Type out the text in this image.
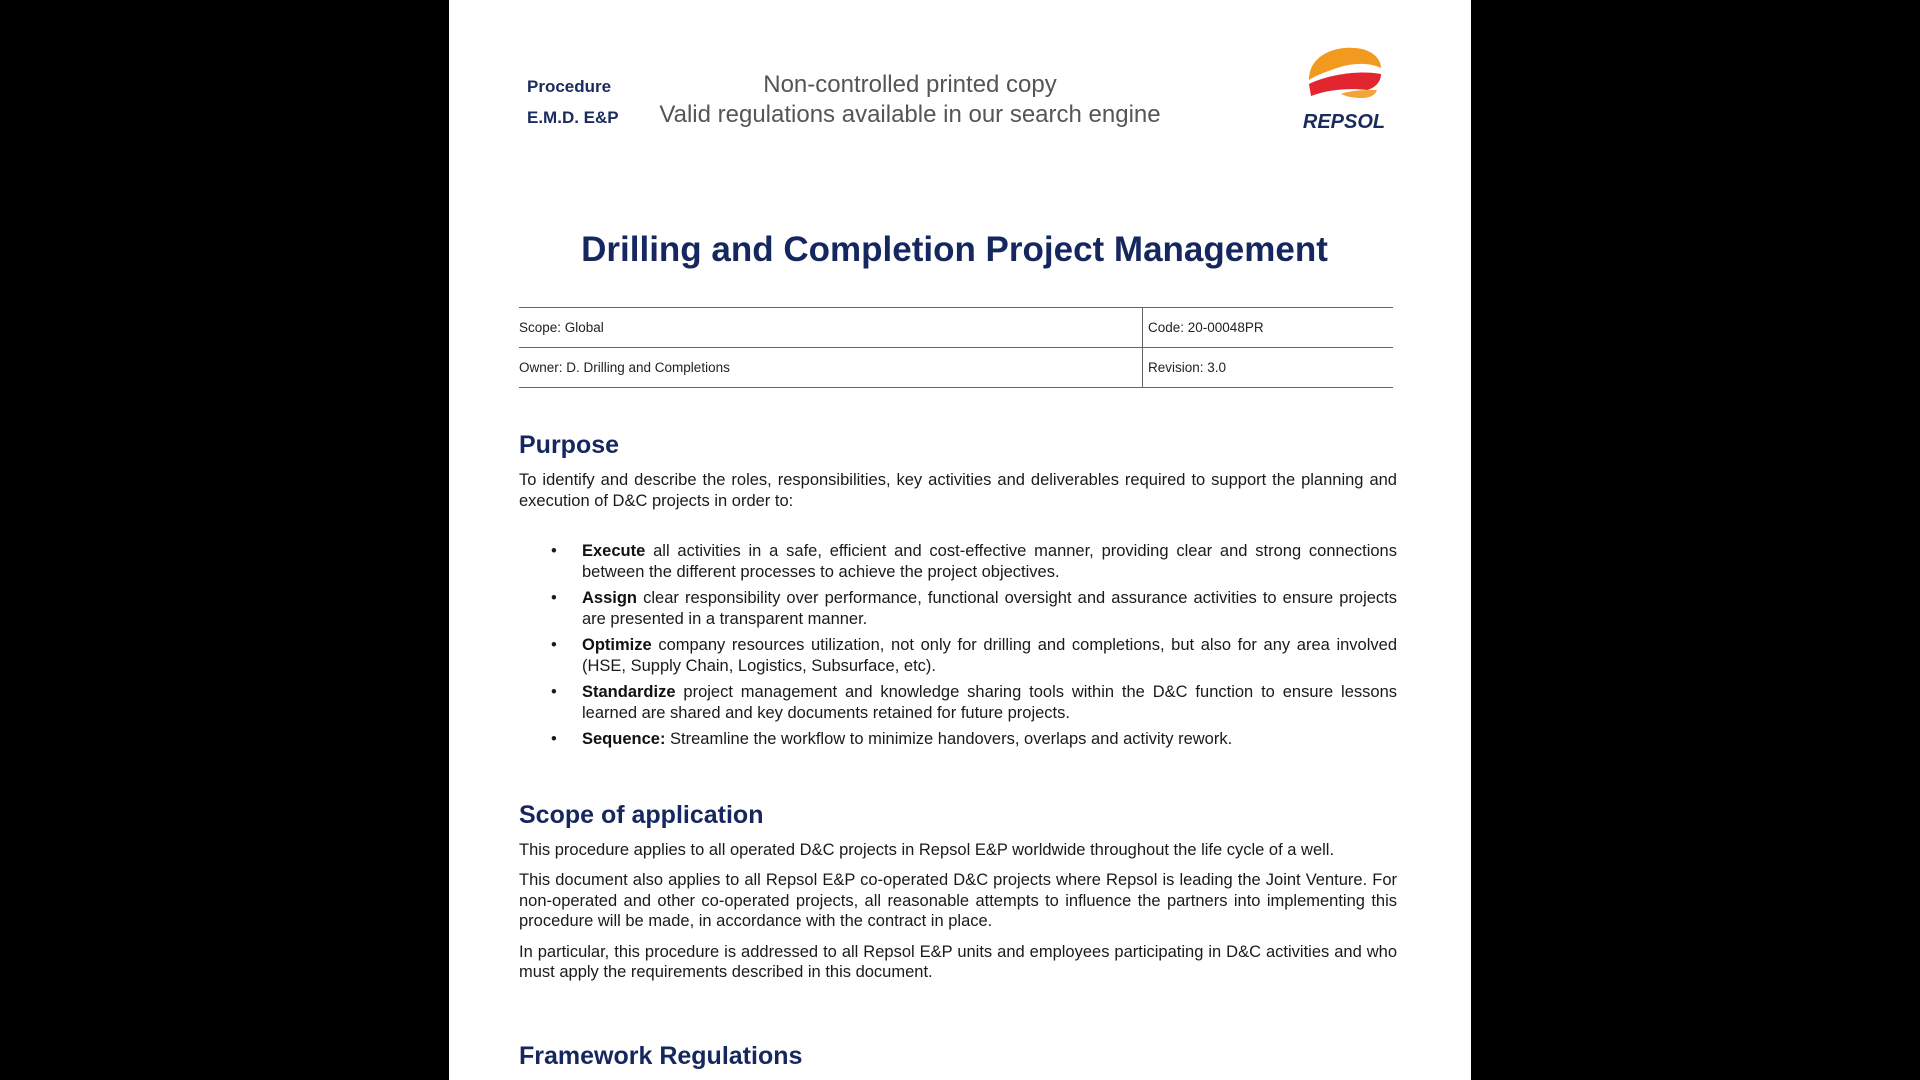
Procedure
E.M.D. E&P
Non-controlled printed copy
Valid regulations available in our search engine	REPSOL
Drilling and Completion Project Management
Scope: Global	Code: 20-00048PR
Owner: D. Drilling and Completions	Revision: 3.0
Purpose

To identify and describe the roles, responsibilities, key activities and deliverables required to support the planning and execution of D&C projects in order to:

• Execute all activities in a safe, efficient and cost-effective manner, providing clear and strong connections between the different processes to achieve the project objectives.
• Assign clear responsibility over performance, functional oversight and assurance activities to ensure projects are presented in a transparent manner.
• Optimize company resources utilization, not only for drilling and completions, but also for any area involved (HSE, Supply Chain, Logistics, Subsurface, etc).
• Standardize project management and knowledge sharing tools within the D&C function to ensure lessons learned are shared and key documents retained for future projects.
• Sequence: Streamline the workflow to minimize handovers, overlaps and activity rework.
Scope of application

This procedure applies to all operated D&C projects in Repsol E&P worldwide throughout the life cycle of a well.

This document also applies to all Repsol E&P co-operated D&C projects where Repsol is leading the Joint Venture. For non-operated and other co-operated projects, all reasonable attempts to influence the partners into implementing this procedure will be made, in accordance with the contract in place.

In particular, this procedure is addressed to all Repsol E&P units and employees participating in D&C activities and who must apply the requirements described in this document.

Framework Regulations
